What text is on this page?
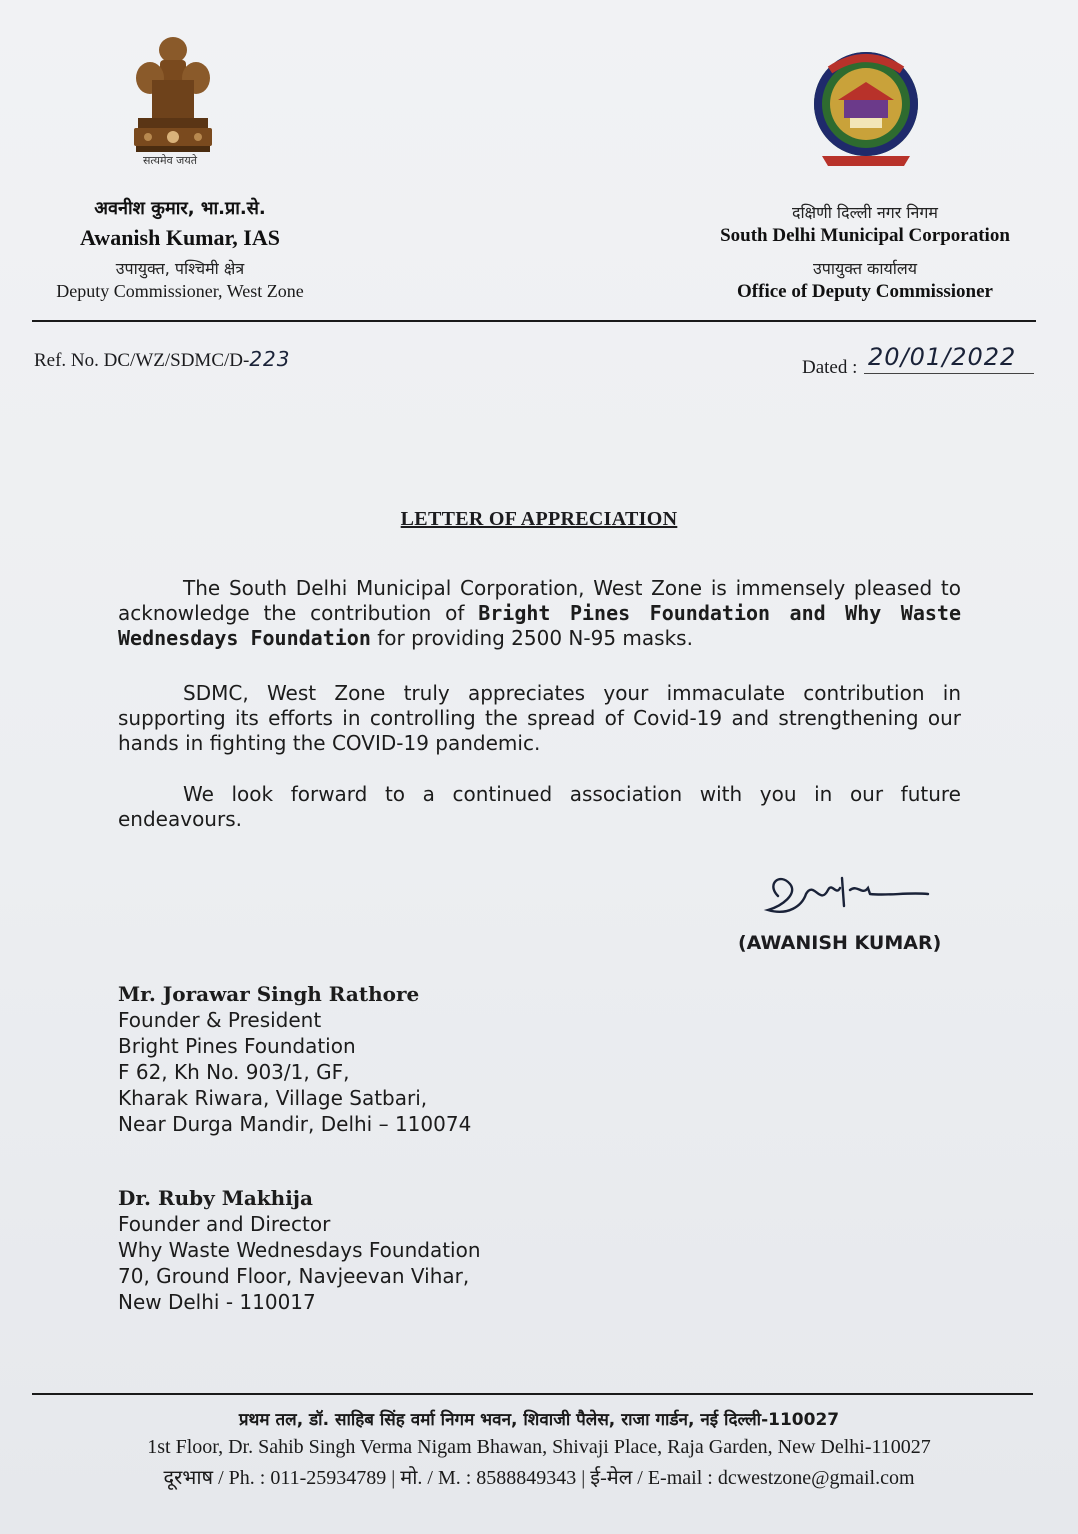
सत्यमेव जयते
अवनीश कुमार, भा.प्रा.से.
Awanish Kumar, IAS
उपायुक्त, पश्चिमी क्षेत्र
Deputy Commissioner, West Zone
दक्षिणी दिल्ली नगर निगम
South Delhi Municipal Corporation
उपायुक्त कार्यालय
Office of Deputy Commissioner
Ref. No. DC/WZ/SDMC/D-223	Dated : 20/01/2022
LETTER OF APPRECIATION
The South Delhi Municipal Corporation, West Zone is immensely pleased to acknowledge the contribution of Bright Pines Foundation and Why Waste Wednesdays Foundation for providing 2500 N-95 masks.
SDMC, West Zone truly appreciates your immaculate contribution in supporting its efforts in controlling the spread of Covid-19 and strengthening our hands in fighting the COVID-19 pandemic.
We look forward to a continued association with you in our future endeavours.
(AWANISH KUMAR)
Mr. Jorawar Singh Rathore
Founder & President
Bright Pines Foundation
F 62, Kh No. 903/1, GF,
Kharak Riwara, Village Satbari,
Near Durga Mandir, Delhi – 110074
Dr. Ruby Makhija
Founder and Director
Why Waste Wednesdays Foundation
70, Ground Floor, Navjeevan Vihar,
New Delhi - 110017
प्रथम तल, डॉ. साहिब सिंह वर्मा निगम भवन, शिवाजी पैलेस, राजा गार्डन, नई दिल्ली-110027
1st Floor, Dr. Sahib Singh Verma Nigam Bhawan, Shivaji Place, Raja Garden, New Delhi-110027
दूरभाष / Ph. : 011-25934789 | मो. / M. : 8588849343 | ई-मेल / E-mail : dcwestzone@gmail.com
